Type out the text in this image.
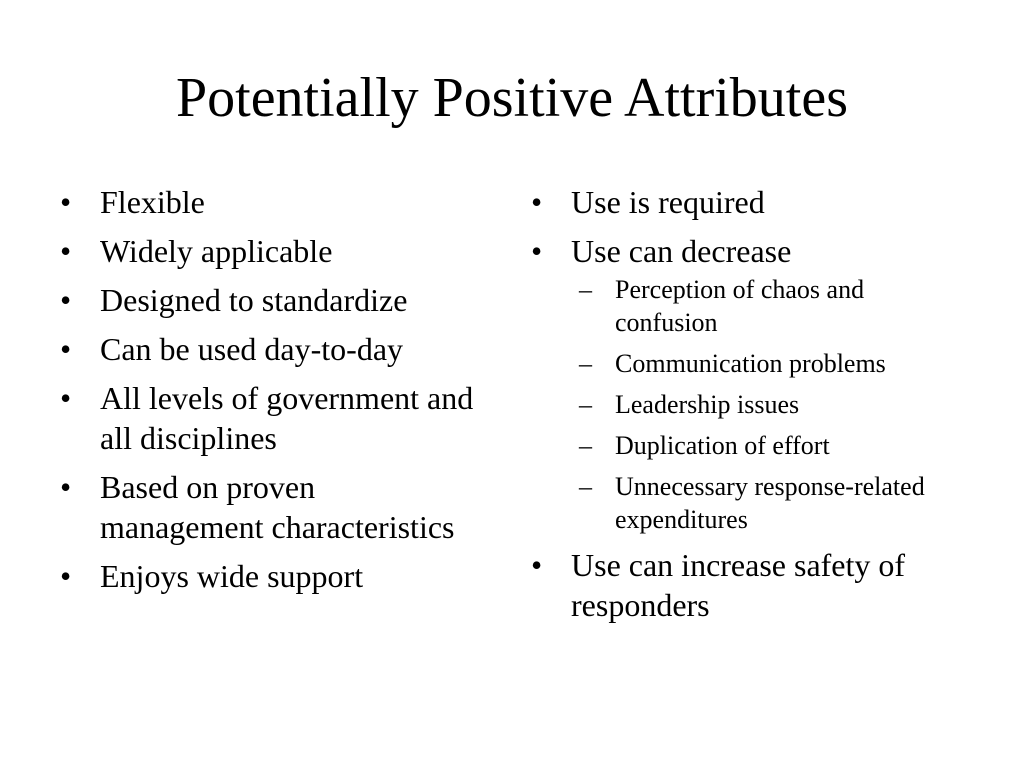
Potentially Positive Attributes
• Flexible
• Widely applicable
• Designed to standardize
• Can be used day-to-day
• All levels of government and all disciplines
• Based on proven management characteristics
• Enjoys wide support
• Use is required
• Use can decrease
– Perception of chaos and confusion
– Communication problems
– Leadership issues
– Duplication of effort
– Unnecessary response-related expenditures
• Use can increase safety of responders
